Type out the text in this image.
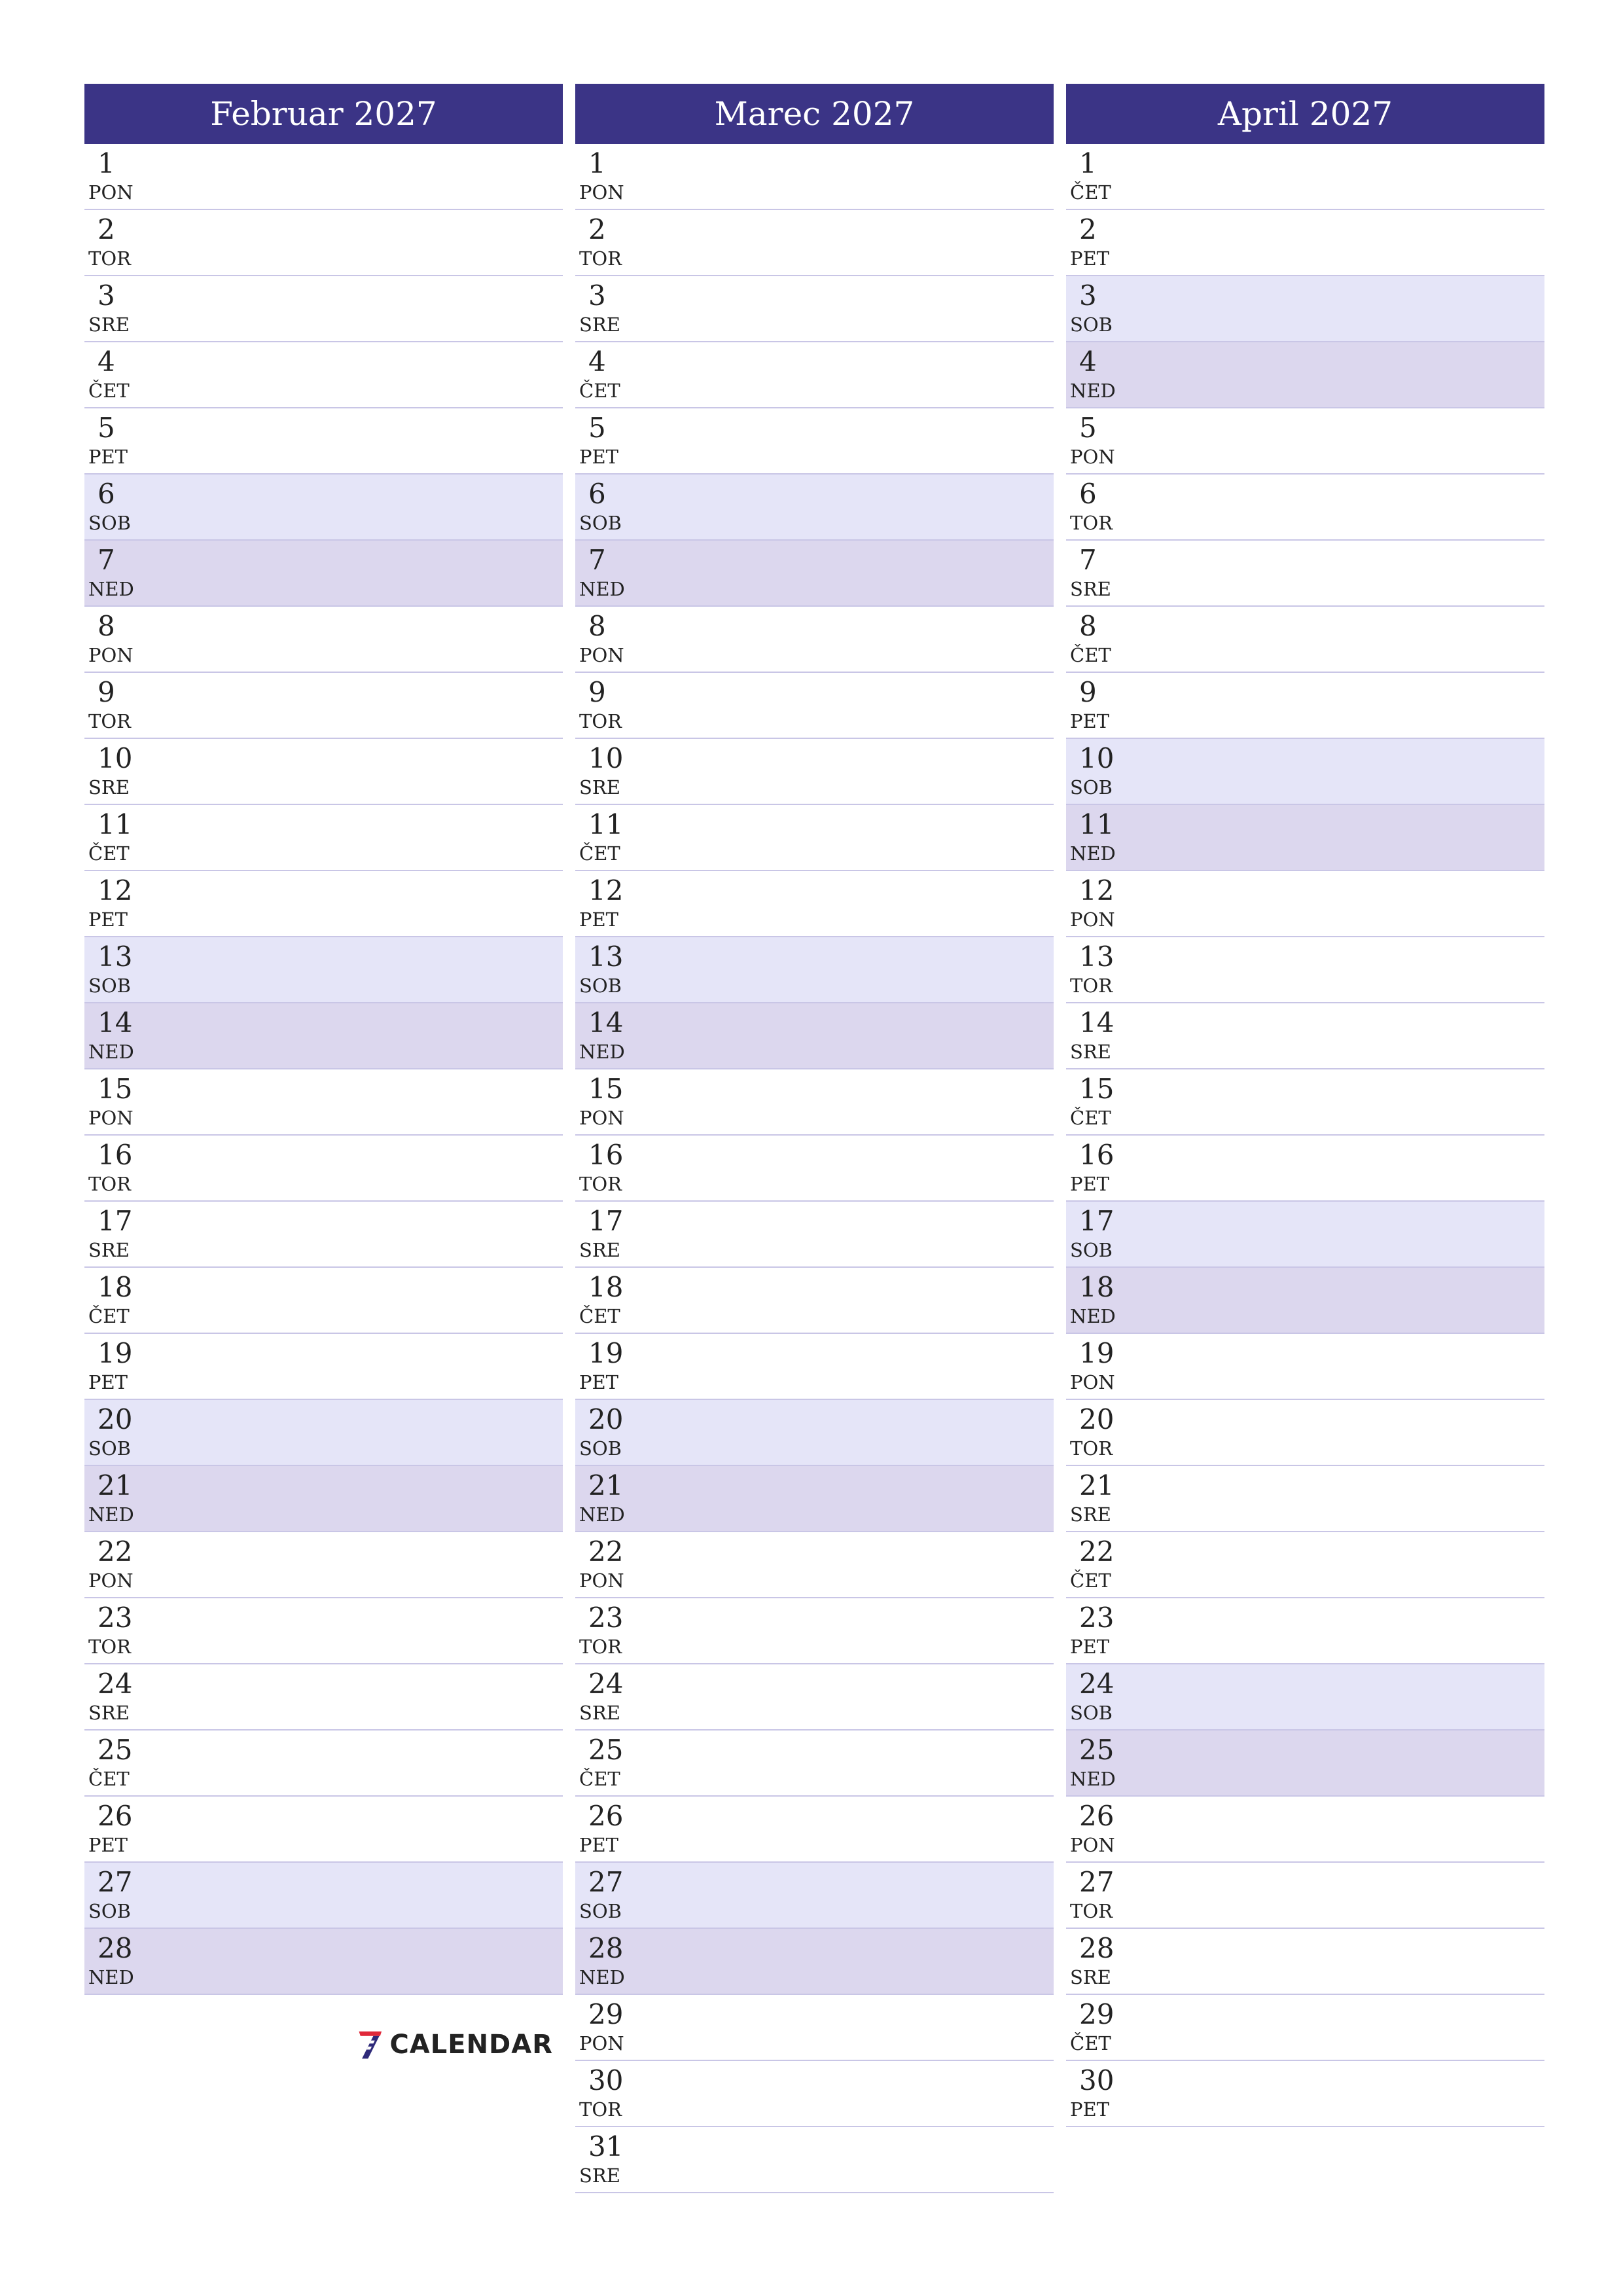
Februar 2027
1
PON
2
TOR
3
SRE
4
ČET
5
PET
6
SOB
7
NED
8
PON
9
TOR
10
SRE
11
ČET
12
PET
13
SOB
14
NED
15
PON
16
TOR
17
SRE
18
ČET
19
PET
20
SOB
21
NED
22
PON
23
TOR
24
SRE
25
ČET
26
PET
27
SOB
28
NED
Marec 2027
1
PON
2
TOR
3
SRE
4
ČET
5
PET
6
SOB
7
NED
8
PON
9
TOR
10
SRE
11
ČET
12
PET
13
SOB
14
NED
15
PON
16
TOR
17
SRE
18
ČET
19
PET
20
SOB
21
NED
22
PON
23
TOR
24
SRE
25
ČET
26
PET
27
SOB
28
NED
29
PON
30
TOR
31
SRE
April 2027
1
ČET
2
PET
3
SOB
4
NED
5
PON
6
TOR
7
SRE
8
ČET
9
PET
10
SOB
11
NED
12
PON
13
TOR
14
SRE
15
ČET
16
PET
17
SOB
18
NED
19
PON
20
TOR
21
SRE
22
ČET
23
PET
24
SOB
25
NED
26
PON
27
TOR
28
SRE
29
ČET
30
PET
CALENDAR
